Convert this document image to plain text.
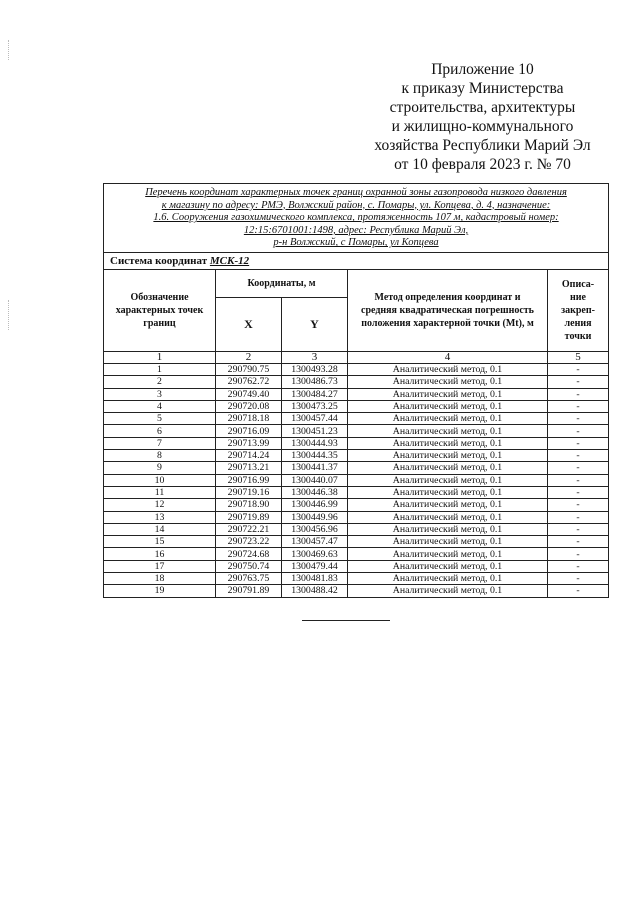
Приложение 10
к приказу Министерства
строительства, архитектуры
и жилищно-коммунального
хозяйства Республики Марий Эл
от 10 февраля 2023 г. № 70
Перечень координат характерных точек границ охранной зоны газопровода низкого давления
к магазину по адресу: РМЭ, Волжский район, с. Помары, ул. Копцева, д. 4, назначение:
1.6. Сооружения газохимического комплекса, протяженность 107 м, кадастровый номер:
12:15:6701001:1498, адрес: Республика Марий Эл,
р-н Волжский, с Помары, ул Копцева				

Система координат МСК-12				
Обозначение характерных точек границ	Координаты, м		Метод определения координат и средняя квадратическая погрешность положения характерной точки (Mt), м	Описа-ние закреп-ления точки
	X	Y		
1	2	3	4	5
1	290790.75	1300493.28	Аналитический метод, 0.1	-
2	290762.72	1300486.73	Аналитический метод, 0.1	-
3	290749.40	1300484.27	Аналитический метод, 0.1	-
4	290720.08	1300473.25	Аналитический метод, 0.1	-
5	290718.18	1300457.44	Аналитический метод, 0.1	-
6	290716.09	1300451.23	Аналитический метод, 0.1	-
7	290713.99	1300444.93	Аналитический метод, 0.1	-
8	290714.24	1300444.35	Аналитический метод, 0.1	-
9	290713.21	1300441.37	Аналитический метод, 0.1	-
10	290716.99	1300440.07	Аналитический метод, 0.1	-
11	290719.16	1300446.38	Аналитический метод, 0.1	-
12	290718.90	1300446.99	Аналитический метод, 0.1	-
13	290719.89	1300449.96	Аналитический метод, 0.1	-
14	290722.21	1300456.96	Аналитический метод, 0.1	-
15	290723.22	1300457.47	Аналитический метод, 0.1	-
16	290724.68	1300469.63	Аналитический метод, 0.1	-
17	290750.74	1300479.44	Аналитический метод, 0.1	-
18	290763.75	1300481.83	Аналитический метод, 0.1	-
19	290791.89	1300488.42	Аналитический метод, 0.1	-
